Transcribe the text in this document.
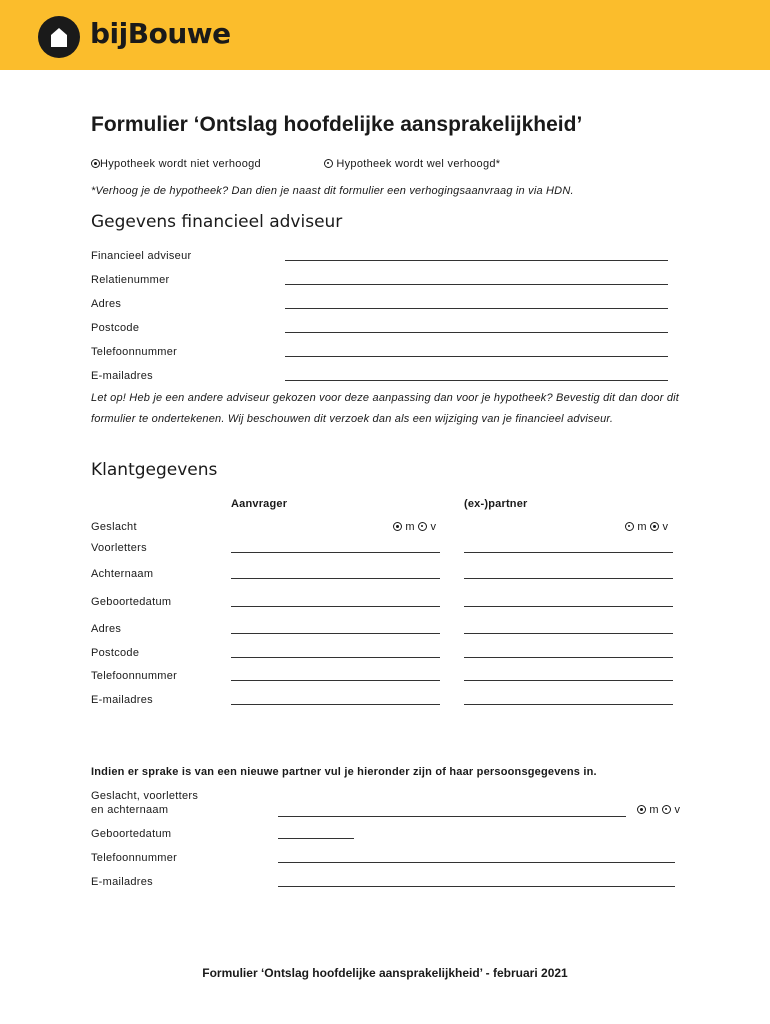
bijBouwe
Formulier ‘Ontslag hoofdelijke aansprakelijkheid’
Hypotheek wordt niet verhoogd	Hypotheek wordt wel verhoogd*
*Verhoog je de hypotheek? Dan dien je naast dit formulier een verhogingsaanvraag in via HDN.
Gegevens financieel adviseur
Financieel adviseur
Relatienummer
Adres
Postcode
Telefoonnummer
E-mailadres
Let op! Heb je een andere adviseur gekozen voor deze aanpassing dan voor je hypotheek? Bevestig dit dan door dit formulier te ondertekenen. Wij beschouwen dit verzoek dan als een wijziging van je financieel adviseur.
Klantgegevens
Aanvrager	(ex-)partner
Geslacht	m v	m v
Voorletters
Achternaam
Geboortedatum
Adres
Postcode
Telefoonnummer
E-mailadres
Indien er sprake is van een nieuwe partner vul je hieronder zijn of haar persoonsgegevens in.
Geslacht, voorletters
en achternaam	m v
Geboortedatum
Telefoonnummer
E-mailadres
Formulier ‘Ontslag hoofdelijke aansprakelijkheid’ - februari 2021
